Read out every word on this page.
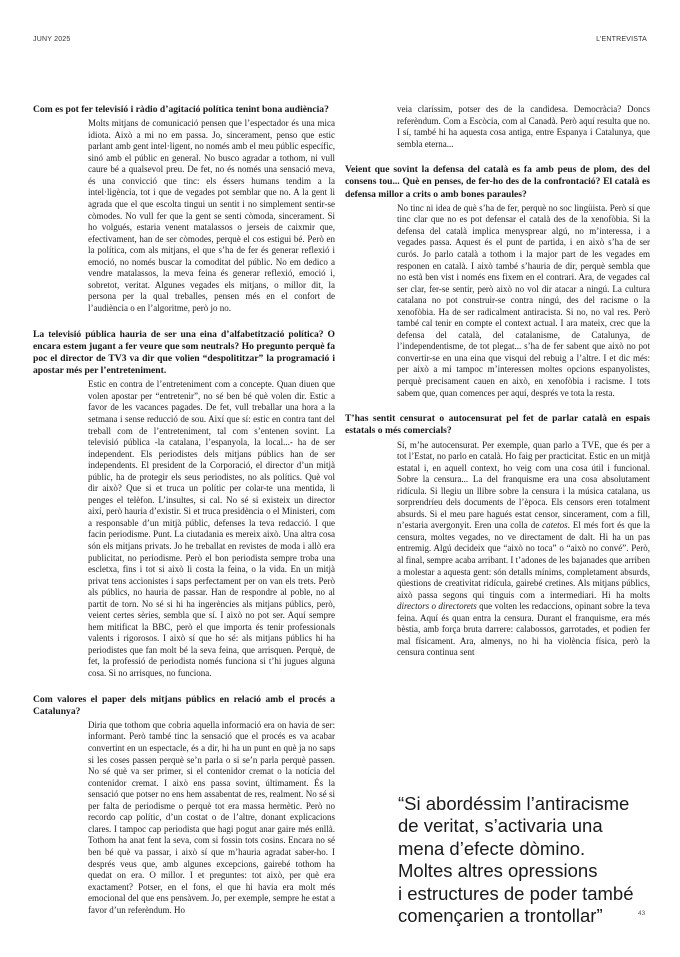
JUNY 2025	L’ENTREVISTA

Com es pot fer televisió i ràdio d’agitació política tenint bona audiència?

Molts mitjans de comunicació pensen que l’espectador és una mica idiota. Això a mi no em passa. Jo, sincerament, penso que estic parlant amb gent intel·ligent, no només amb el meu públic específic, sinó amb el públic en general. No busco agradar a tothom, ni vull caure bé a qualsevol preu. De fet, no és només una sensació meva, és una convicció que tinc: els éssers humans tendim a la intel·ligència, tot i que de vegades pot semblar que no. A la gent li agrada que el que escolta tingui un sentit i no simplement sentir-se còmodes. No vull fer que la gent se senti còmoda, sincerament. Si ho volgués, estaria venent matalassos o jerseis de caixmir que, efectivament, han de ser còmodes, perquè el cos estigui bé. Però en la política, com als mitjans, el que s’ha de fer és generar reflexió i emoció, no només buscar la comoditat del públic. No em dedico a vendre matalassos, la meva feina és generar reflexió, emoció i, sobretot, veritat. Algunes vegades els mitjans, o millor dit, la persona per la qual treballes, pensen més en el confort de l’audiència o en l’algoritme, però jo no.

La televisió pública hauria de ser una eina d’alfabetització política? O encara estem jugant a fer veure que som neutrals? Ho pregunto perquè fa poc el director de TV3 va dir que volien “despolititzar” la programació i apostar més per l’entreteniment.

Estic en contra de l’entreteniment com a concepte. Quan diuen que volen apostar per “entretenir”, no sé ben bé què volen dir. Estic a favor de les vacances pagades. De fet, vull treballar una hora a la setmana i sense reducció de sou. Així que sí: estic en contra tant del treball com de l’entreteniment, tal com s’entenen sovint. La televisió pública -la catalana, l’espanyola, la local...- ha de ser independent. Els periodistes dels mitjans públics han de ser independents. El president de la Corporació, el director d’un mitjà públic, ha de protegir els seus periodistes, no als polítics. Què vol dir això? Que si et truca un polític per colar-te una mentida, li penges el telèfon. L’insultes, si cal. No sé si existeix un director així, però hauria d’existir. Si et truca presidència o el Ministeri, com a responsable d’un mitjà públic, defenses la teva redacció. I que facin periodisme. Punt. La ciutadania es mereix això. Una altra cosa són els mitjans privats. Jo he treballat en revistes de moda i allò era publicitat, no periodisme. Però el bon periodista sempre troba una escletxa, fins i tot si això li costa la feina, o la vida. En un mitjà privat tens accionistes i saps perfectament per on van els trets. Però als públics, no hauria de passar. Han de respondre al poble, no al partit de torn. No sé si hi ha ingerències als mitjans públics, però, veient certes sèries, sembla que sí. I això no pot ser. Aquí sempre hem mitificat la BBC, però el que importa és tenir professionals valents i rigorosos. I això sí que ho sé: als mitjans públics hi ha periodistes que fan molt bé la seva feina, que arrisquen. Perquè, de fet, la professió de periodista només funciona si t’hi jugues alguna cosa. Si no arrisques, no funciona.

Com valores el paper dels mitjans públics en relació amb el procés a Catalunya?

Diria que tothom que cobria aquella informació era on havia de ser: informant. Però també tinc la sensació que el procés es va acabar convertint en un espectacle, és a dir, hi ha un punt en què ja no saps si les coses passen perquè se’n parla o si se’n parla perquè passen. No sé què va ser primer, si el contenidor cremat o la notícia del contenidor cremat. I això ens passa sovint, últimament. És la sensació que potser no ens hem assabentat de res, realment. No sé si per falta de periodisme o perquè tot era massa hermètic. Però no recordo cap polític, d’un costat o de l’altre, donant explicacions clares. I tampoc cap periodista que hagi pogut anar gaire més enllà. Tothom ha anat fent la seva, com si fossin tots cosins. Encara no sé ben bé què va passar, i això sí que m’hauria agradat saber-ho. I després veus que, amb algunes excepcions, gairebé tothom ha quedat on era. O millor. I et preguntes: tot això, per què era exactament? Potser, en el fons, el que hi havia era molt més emocional del que ens pensàvem. Jo, per exemple, sempre he estat a favor d’un referèndum. Ho

veia claríssim, potser des de la candidesa. Democràcia? Doncs referèndum. Com a Escòcia, com al Canadà. Però aquí resulta que no. I sí, també hi ha aquesta cosa antiga, entre Espanya i Catalunya, que sembla eterna...

Veient que sovint la defensa del català es fa amb peus de plom, des del consens tou... Què en penses, de fer-ho des de la confrontació? El català es defensa millor a crits o amb bones paraules?

No tinc ni idea de què s’ha de fer, perquè no soc lingüista. Però sí que tinc clar que no es pot defensar el català des de la xenofòbia. Si la defensa del català implica menysprear algú, no m’interessa, i a vegades passa. Aquest és el punt de partida, i en això s’ha de ser curós. Jo parlo català a tothom i la major part de les vegades em responen en català. I això també s’hauria de dir, perquè sembla que no està ben vist i només ens fixem en el contrari. Ara, de vegades cal ser clar, fer-se sentir, però això no vol dir atacar a ningú. La cultura catalana no pot construir-se contra ningú, des del racisme o la xenofòbia. Ha de ser radicalment antiracista. Si no, no val res. Però també cal tenir en compte el context actual. I ara mateix, crec que la defensa del català, del catalanisme, de Catalunya, de l’independentisme, de tot plegat... s’ha de fer sabent que això no pot convertir-se en una eina que visqui del rebuig a l’altre. I et dic més: per això a mi tampoc m’interessen moltes opcions espanyolistes, perquè precisament cauen en això, en xenofòbia i racisme. I tots sabem que, quan comences per aquí, després ve tota la resta.

T’has sentit censurat o autocensurat pel fet de parlar català en espais estatals o més comercials?

Sí, m’he autocensurat. Per exemple, quan parlo a TVE, que és per a tot l’Estat, no parlo en català. Ho faig per practicitat. Estic en un mitjà estatal i, en aquell context, ho veig com una cosa útil i funcional. Sobre la censura... La del franquisme era una cosa absolutament ridícula. Si llegiu un llibre sobre la censura i la música catalana, us sorprendríeu dels documents de l’època. Els censors eren totalment absurds. Si el meu pare hagués estat censor, sincerament, com a fill, n’estaria avergonyit. Eren una colla de catetos. El més fort és que la censura, moltes vegades, no ve directament de dalt. Hi ha un pas entremig. Algú decideix que “això no toca” o “això no convé”. Però, al final, sempre acaba arribant. I t’adones de les bajanades que arriben a molestar a aquesta gent: són detalls mínims, completament absurds, qüestions de creativitat ridícula, gairebé cretines. Als mitjans públics, això passa segons qui tinguis com a intermediari. Hi ha molts directors o directorets que volten les redaccions, opinant sobre la teva feina. Aquí és quan entra la censura. Durant el franquisme, era més bèstia, amb força bruta darrere: calabossos, garrotades, et podien fer mal físicament. Ara, almenys, no hi ha violència física, però la censura continua sent

“Si abordéssim l’antiracisme
de veritat, s’activaria una
mena d’efecte dòmino.
Moltes altres opressions
i estructures de poder també
començarien a trontollar”	43
